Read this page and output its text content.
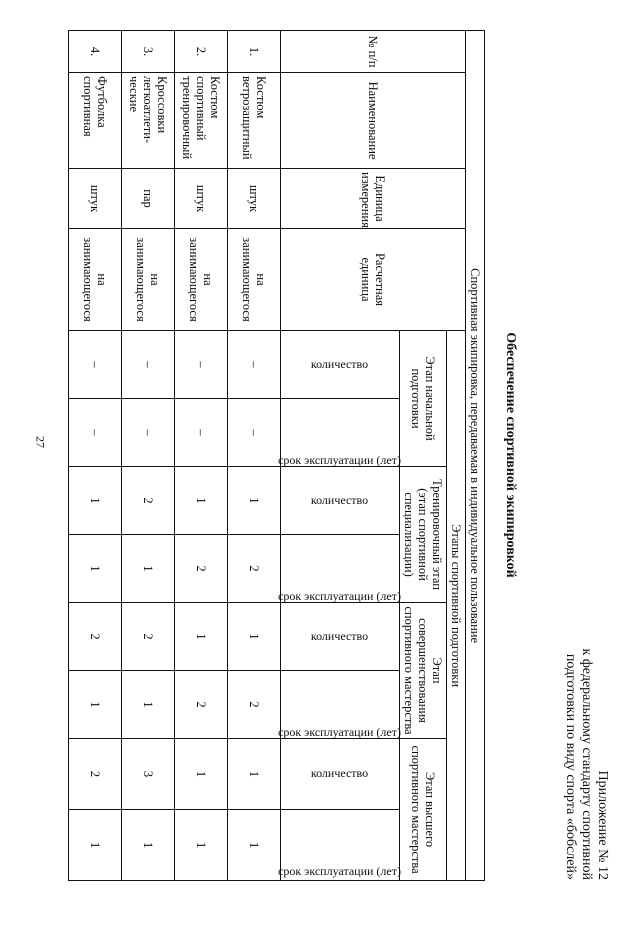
27
Приложение № 12
к федеральному стандарту спортивной
подготовки по виду спорта «бобслей»
Обеспечение спортивной экипировкой
Спортивная экипировка, передаваемая в индивидуальное пользование											
№ п/п	Наименование	Единица измерения	Расчетная единица	Этапы спортивной подготовки							
				Этап начальной подготовки		Тренировочный этап (этап спортивной специализации)		Этап совершенствования спортивного мастерства		Этап высшего спортивного мастерства	
				количество	срок эксплуатации (лет)	количество	срок эксплуатации (лет)	количество	срок эксплуатации (лет)	количество	срок эксплуатации (лет)

1.	Костюм ветрозащитный	штук	на занимающегося	–	–	1	2	1	2	1	1
2.	Костюм спортивный тренировочный	штук	на занимающегося	–	–	1	2	1	2	1	1
3.	Кроссовки легкоатлети-ческие	пар	на занимающегося	–	–	2	1	2	1	3	1
4.	Футболка спортивная	штук	на занимающегося	–	–	1	1	2	1	2	1
